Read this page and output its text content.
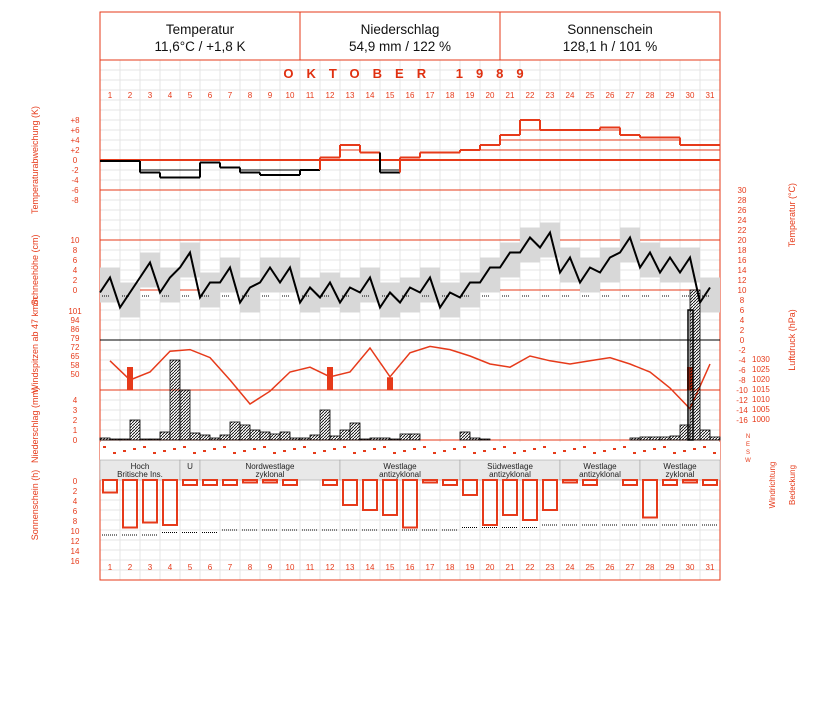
1
1
2
2
3
3
4
4
5
5
6
6
7
7
8
8
9
9
10
10
11
11
12
12
13
13
14
14
15
15
16
16
17
17
18
18
19
19
20
20
21
21
22
22
23
23
24
24
25
25
26
26
27
27
28
28
29
29
30
30
31
31
Temperaturabweichung (K)
Schneehöhe (cm)
Windspitzen ab 47 km/h
Niederschlag (mm)
Sonnenschein (h)
Temperatur (°C)
Luftdruck (hPa)
Windrichtung Bedeckung
+8
+6
+4
+2
0
-2
-4
-6
-8
30
28
26
24
22
20
18
16
14
12
10
10
8
6
4
2
0
101
94
86
79
72
65
58
50
8
6
4
2
0
-2
-4
-6
-8
-10
-12
-14
-16
1030
1025
1020
1015
1010
1005
1000
4
3
2
1
0	N
E
S
W
0
2
4
6
8
10
12
14
16
Hoch
Britische Ins.
U	Nordwestlage
zyklonal
Westlage
antizyklonal
Südwestlage
antizyklonal
Westlage
antizyklonal
Westlage
zyklonal
Temperatur
11,6°C / +1,8 K
Niederschlag
54,9 mm / 122 %
Sonnenschein
128,1 h / 101 %
OKTOBER 1989
